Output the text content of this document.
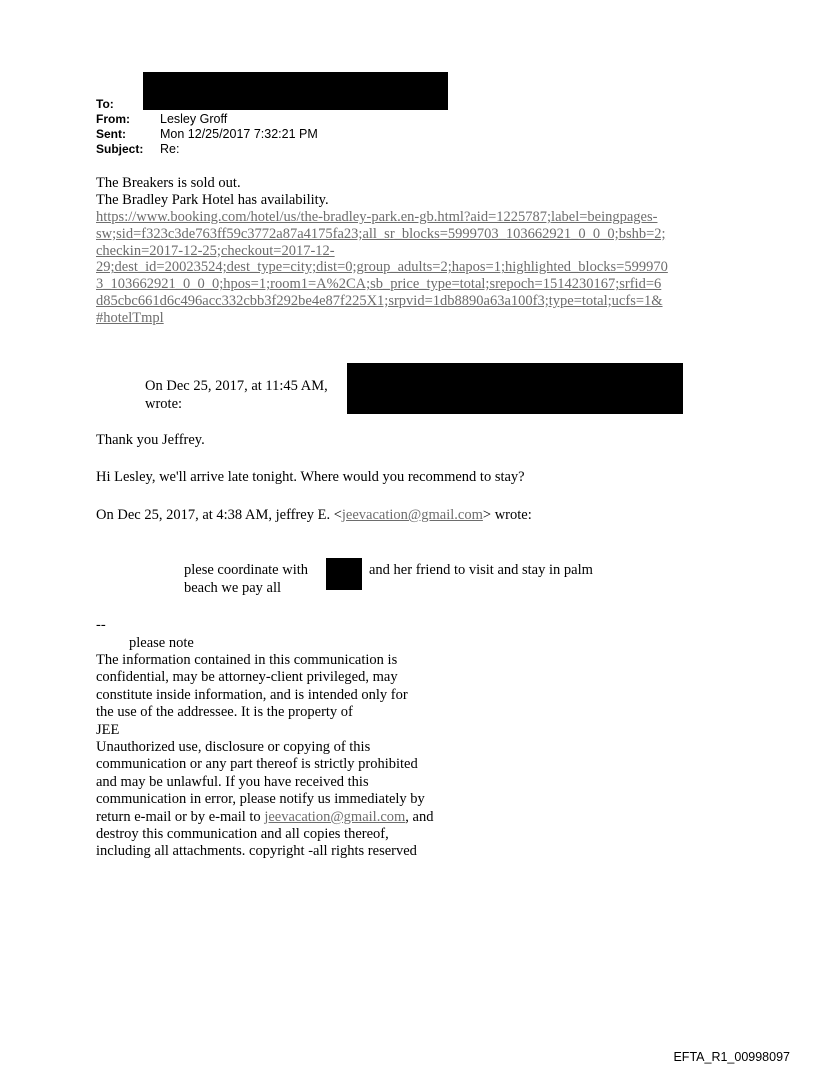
To:
From: Lesley Groff
Sent:	Mon 12/25/2017 7:32:21 PM
Subject: Re:
The Breakers is sold out.
The Bradley Park Hotel has availability.
https://www.booking.com/hotel/us/the-bradley-park.en-gb.html?aid=1225787;label=beingpages-
sw;sid=f323c3de763ff59c3772a87a4175fa23;all_sr_blocks=5999703_103662921_0_0_0;bshb=2;
checkin=2017-12-25;checkout=2017-12-
29;dest_id=20023524;dest_type=city;dist=0;group_adults=2;hapos=1;highlighted_blocks=599970
3_103662921_0_0_0;hpos=1;room1=A%2CA;sb_price_type=total;srepoch=1514230167;srfid=6
d85cbc661d6c496acc332cbb3f292be4e87f225X1;srpvid=1db8890a63a100f3;type=total;ucfs=1&
#hotelTmpl
On Dec 25, 2017, at 11:45 AM,
wrote:
Thank you Jeffrey.
Hi Lesley, we'll arrive late tonight. Where would you recommend to stay?
On Dec 25, 2017, at 4:38 AM, jeffrey E. <jeevacation@gmail.com> wrote:
plese coordinate with	and her friend to visit and stay in palm
beach we pay all
--
please note
The information contained in this communication is
confidential, may be attorney-client privileged, may
constitute inside information, and is intended only for
the use of the addressee. It is the property of
JEE
Unauthorized use, disclosure or copying of this
communication or any part thereof is strictly prohibited
and may be unlawful. If you have received this
communication in error, please notify us immediately by
return e-mail or by e-mail to jeevacation@gmail.com, and
destroy this communication and all copies thereof,
including all attachments. copyright -all rights reserved
EFTA_R1_00998097
